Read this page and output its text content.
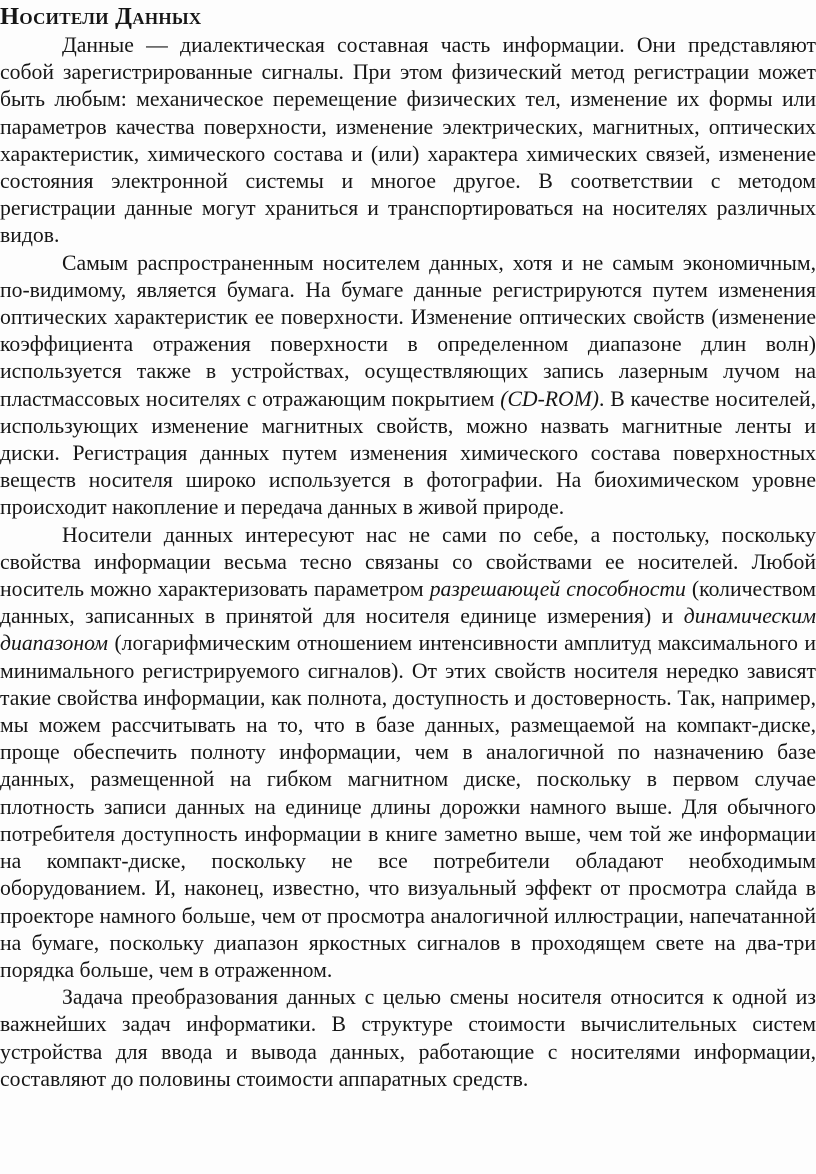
Носители Данных

Данные — диалектическая составная часть информации. Они представляют собой зарегистрированные сигналы. При этом физический метод регистрации может быть любым: механическое перемещение физических тел, изменение их формы или параметров качества поверхности, изменение электрических, магнитных, оптических характеристик, химического состава и (или) характера химических связей, изменение состояния электронной системы и многое другое. В соответствии с методом регистрации данные могут храниться и транспортироваться на носителях различных видов.

Самым распространенным носителем данных, хотя и не самым экономичным, по-видимому, является бумага. На бумаге данные регистрируются путем изменения оптических характеристик ее поверхности. Изменение оптических свойств (изменение коэффициента отражения поверхности в определенном диапазоне длин волн) используется также в устройствах, осуществляющих запись лазерным лучом на пластмассовых носителях с отражающим покрытием (CD-ROM). В качестве носителей, использующих изменение магнитных свойств, можно назвать магнитные ленты и диски. Регистрация данных путем изменения химического состава поверхностных веществ носителя широко используется в фотографии. На биохимическом уровне происходит накопление и передача данных в живой природе.

Носители данных интересуют нас не сами по себе, а постольку, поскольку свойства информации весьма тесно связаны со свойствами ее носителей. Любой носитель можно характеризовать параметром разрешающей способности (количеством данных, записанных в принятой для носителя единице измерения) и динамическим диапазоном (логарифмическим отношением интенсивности амплитуд максимального и минимального регистрируемого сигналов). От этих свойств носителя нередко зависят такие свойства информации, как полнота, доступность и достоверность. Так, например, мы можем рассчитывать на то, что в базе данных, размещаемой на компакт-диске, проще обеспечить полноту информации, чем в аналогичной по назначению базе данных, размещенной на гибком магнитном диске, поскольку в первом случае плотность записи данных на единице длины дорожки намного выше. Для обычного потребителя доступность информации в книге заметно выше, чем той же информации на компакт-диске, поскольку не все потребители обладают необходимым оборудованием. И, наконец, известно, что визуальный эффект от просмотра слайда в проекторе намного больше, чем от просмотра аналогичной иллюстрации, напечатанной на бумаге, поскольку диапазон яркостных сигналов в проходящем свете на два-три порядка больше, чем в отраженном.

Задача преобразования данных с целью смены носителя относится к одной из важнейших задач информатики. В структуре стоимости вычислительных систем устройства для ввода и вывода данных, работающие с носителями информации, составляют до половины стоимости аппаратных средств.
